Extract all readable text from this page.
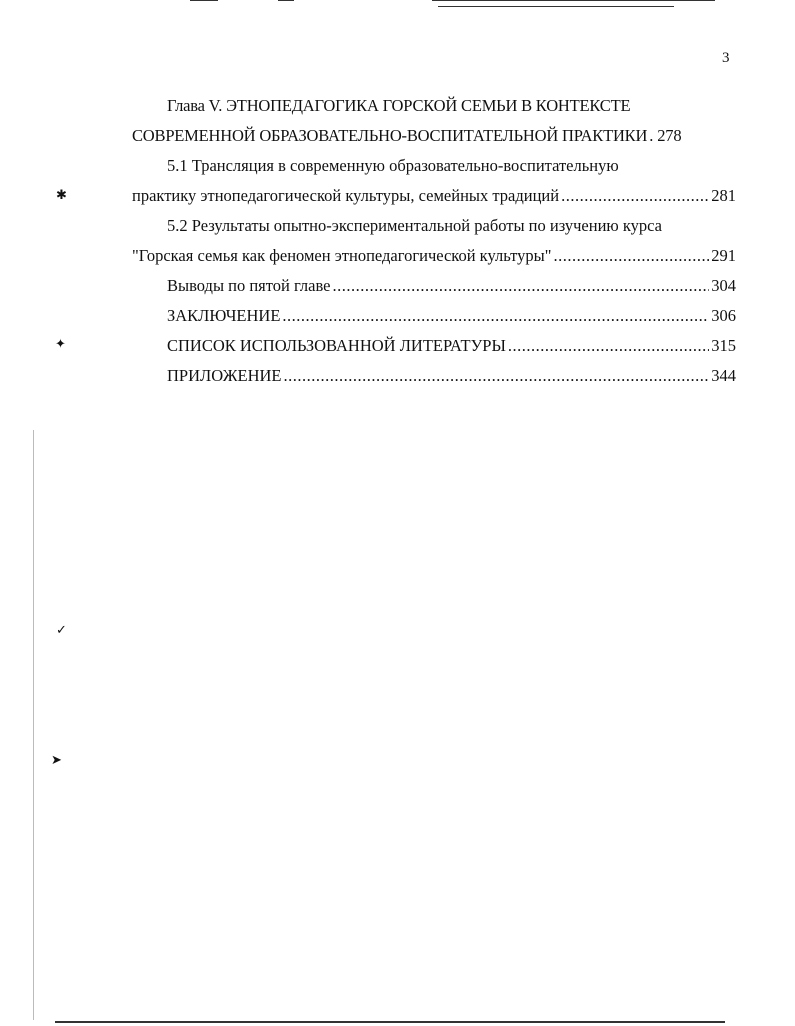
✱
✦
✓
➤
3
Глава V. ЭТНОПЕДАГОГИКА ГОРСКОЙ СЕМЬИ В КОНТЕКСТЕ
СОВРЕМЕННОЙ ОБРАЗОВАТЕЛЬНО-ВОСПИТАТЕЛЬНОЙ ПРАКТИКИ ..... 278
5.1 Трансляция в современную образовательно-воспитательную
практику этнопедагогической культуры, семейных традиций .....	281
5.2 Результаты опытно-экспериментальной работы по изучению курса
"Горская семья как феномен этнопедагогической культуры" .....	291
Выводы по пятой главе .....	304
ЗАКЛЮЧЕНИЕ .....	306
СПИСОК ИСПОЛЬЗОВАННОЙ ЛИТЕРАТУРЫ .....	315
ПРИЛОЖЕНИЕ .....	344
